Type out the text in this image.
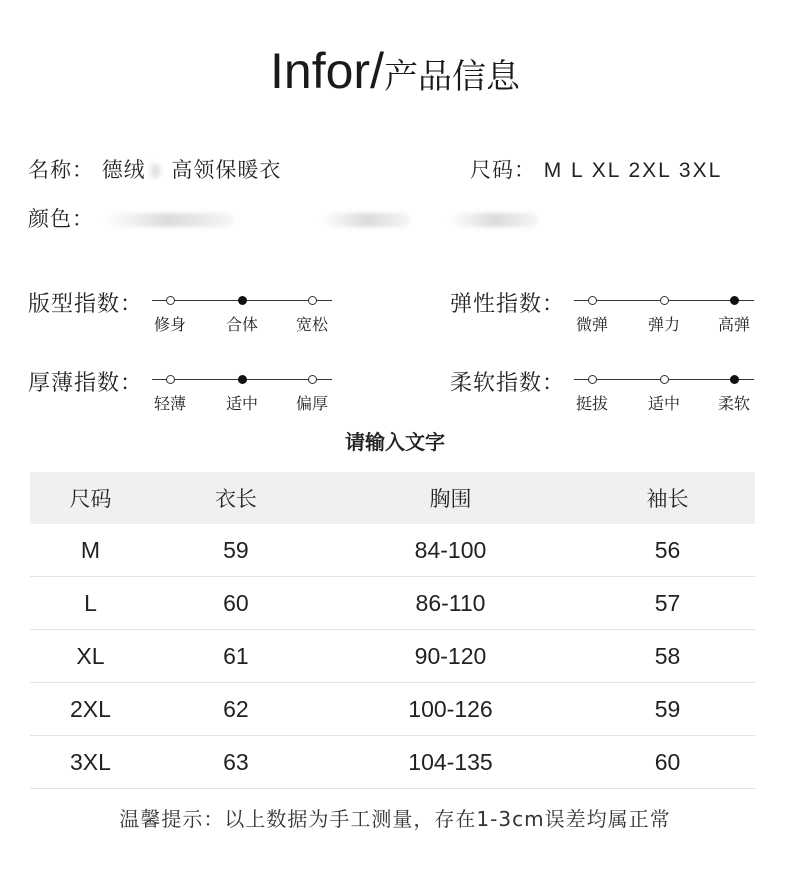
Infor/产品信息
名称： 德绒 高领保暖衣	尺码： M L XL 2XL 3XL
颜色：
版型指数：
修身 合体 宽松
弹性指数：
微弹 弹力 高弹
厚薄指数：
轻薄 适中 偏厚
柔软指数：
挺拔 适中 柔软
请输入文字
尺码	衣长	胸围	袖长
M	59	84-100	56
L	60	86-110	57
XL	61	90-120	58
2XL	62	100-126	59
3XL	63	104-135	60
温馨提示：以上数据为手工测量，存在1-3cm误差均属正常
